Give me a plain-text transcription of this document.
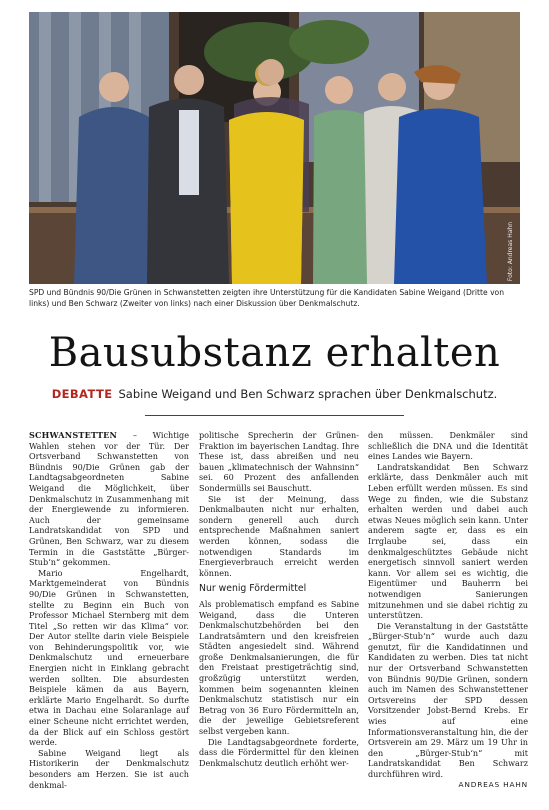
Foto: Andreas Hahn
SPD und Bündnis 90/Die Grünen in Schwanstetten zeigten ihre Unterstützung für die Kandidaten Sabine Weigand (Dritte von links) und Ben Schwarz (Zweiter von links) nach einer Diskussion über Denkmalschutz.
Bausubstanz erhalten
DEBATTE Sabine Weigand und Ben Schwarz sprachen über Denkmalschutz.

SCHWANSTETTEN – Wichtige Wahlen stehen vor der Tür. Der Ortsverband Schwanstetten von Bündnis 90/Die Grünen gab der Landtagsabgeordneten Sabine Weigand die Möglichkeit, über Denkmalschutz in Zusammenhang mit der Energiewende zu informieren. Auch der gemeinsame Landratskandidat von SPD und Grünen, Ben Schwarz, war zu diesem Termin in die Gaststätte „Bürger-Stub‘n“ gekommen.

Mario Engelhardt, Marktgemeinderat von Bündnis 90/Die Grünen in Schwanstetten, stellte zu Beginn ein Buch von Professor Michael Sternberg mit dem Titel „So retten wir das Klima“ vor. Der Autor stellte darin viele Beispiele von Behinderungspolitik vor, wie Denkmalschutz und erneuerbare Energien nicht in Einklang gebracht werden sollten. Die absurdesten Beispiele kämen da aus Bayern, erklärte Mario Engelhardt. So durfte etwa in Dachau eine Solaranlage auf einer Scheune nicht errichtet werden, da der Blick auf ein Schloss gestört werde.

Sabine Weigand liegt als Historikerin der Denkmalschutz besonders am Herzen. Sie ist auch denkmal-

politische Sprecherin der Grünen-Fraktion im bayerischen Landtag. Ihre These ist, dass abreißen und neu bauen „klimatechnisch der Wahnsinn“ sei. 60 Prozent des anfallenden Sondermülls sei Bauschutt.

Sie ist der Meinung, dass Denkmalbauten nicht nur erhalten, sondern generell auch durch entsprechende Maßnahmen saniert werden können, sodass die notwendigen Standards im Energieverbrauch erreicht werden können.

Nur wenig Fördermittel

Als problematisch empfand es Sabine Weigand, dass die Unteren Denkmalschutzbehörden bei den Landratsämtern und den kreisfreien Städten angesiedelt sind. Während große Denkmalsanierungen, die für den Freistaat prestigeträchtig sind, großzügig unterstützt werden, kommen beim sogenannten kleinen Denkmalschutz statistisch nur ein Betrag von 36 Euro Fördermitteln an, die der jeweilige Gebietsreferent selbst vergeben kann.

Die Landtagsabgeordnete forderte, dass die Fördermittel für den kleinen Denkmalschutz deutlich erhöht wer-

den müssen. Denkmäler sind schließlich die DNA und die Identität eines Landes wie Bayern.

Landratskandidat Ben Schwarz erklärte, dass Denkmäler auch mit Leben erfüllt werden müssen. Es sind Wege zu finden, wie die Substanz erhalten werden und dabei auch etwas Neues möglich sein kann. Unter anderem sagte er, dass es ein Irrglaube sei, dass ein denkmalgeschütztes Gebäude nicht energetisch sinnvoll saniert werden kann. Vor allem sei es wichtig, die Eigentümer und Bauherrn bei notwendigen Sanierungen mitzunehmen und sie dabei richtig zu unterstützen.

Die Veranstaltung in der Gaststätte „Bürger-Stub‘n“ wurde auch dazu genutzt, für die Kandidatinnen und Kandidaten zu werben. Dies tat nicht nur der Ortsverband Schwanstetten von Bündnis 90/Die Grünen, sondern auch im Namen des Schwanstettener Ortsvereins der SPD dessen Vorsitzender Jobst-Bernd Krebs. Er wies auf eine Informationsveranstaltung hin, die der Ortsverein am 29. März um 19 Uhr in den „Bürger-Stub‘n“ mit Landratskandidat Ben Schwarz durchführen wird.

ANDREAS HAHN
